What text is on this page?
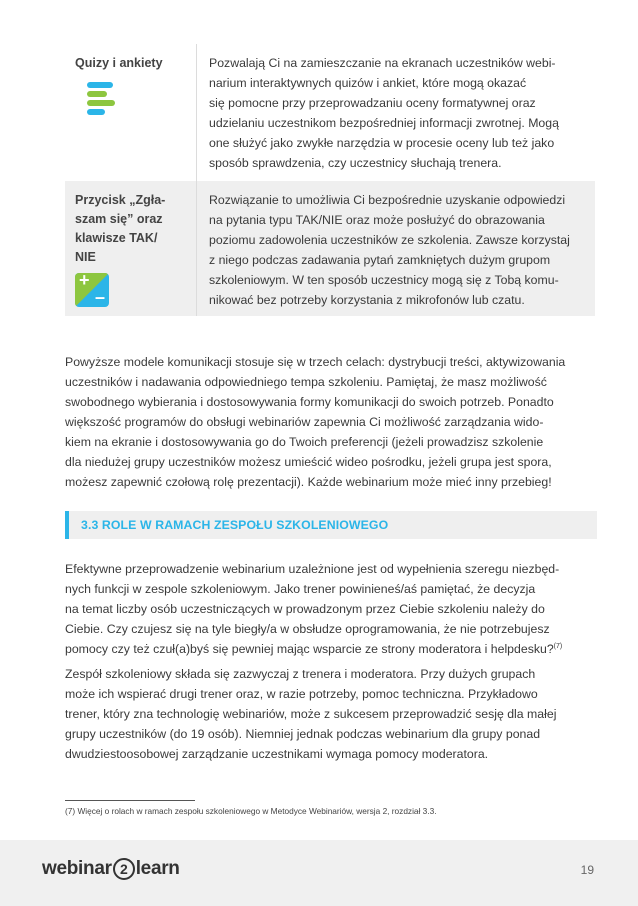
Quizy i ankiety	Pozwalają Ci na zamieszczanie na ekranach uczestników webi-
narium interaktywnych quizów i ankiet, które mogą okazać
się pomocne przy przeprowadzaniu oceny formatywnej oraz
udzielaniu uczestnikom bezpośredniej informacji zwrotnej. Mogą
one służyć jako zwykłe narzędzia w procesie oceny lub też jako
sposób sprawdzenia, czy uczestnicy słuchają trenera.
Przycisk „Zgła-
szam się” oraz
klawisze TAK/
NIE
+
–
Rozwiązanie to umożliwia Ci bezpośrednie uzyskanie odpowiedzi
na pytania typu TAK/NIE oraz może posłużyć do obrazowania
poziomu zadowolenia uczestników ze szkolenia. Zawsze korzystaj
z niego podczas zadawania pytań zamkniętych dużym grupom
szkoleniowym. W ten sposób uczestnicy mogą się z Tobą komu-
nikować bez potrzeby korzystania z mikrofonów lub czatu.
Powyższe modele komunikacji stosuje się w trzech celach: dystrybucji treści, aktywizowania
uczestników i nadawania odpowiedniego tempa szkoleniu. Pamiętaj, że masz możliwość
swobodnego wybierania i dostosowywania formy komunikacji do swoich potrzeb. Ponadto
większość programów do obsługi webinariów zapewnia Ci możliwość zarządzania wido-
kiem na ekranie i dostosowywania go do Twoich preferencji (jeżeli prowadzisz szkolenie
dla niedużej grupy uczestników możesz umieścić wideo pośrodku, jeżeli grupa jest spora,
możesz zapewnić czołową rolę prezentacji). Każde webinarium może mieć inny przebieg!
3.3 ROLE W RAMACH ZESPOŁU SZKOLENIOWEGO
Efektywne przeprowadzenie webinarium uzależnione jest od wypełnienia szeregu niezbęd-
nych funkcji w zespole szkoleniowym. Jako trener powinieneś/aś pamiętać, że decyzja
na temat liczby osób uczestniczących w prowadzonym przez Ciebie szkoleniu należy do
Ciebie. Czy czujesz się na tyle biegły/a w obsłudze oprogramowania, że nie potrzebujesz
pomocy czy też czuł(a)byś się pewniej mając wsparcie ze strony moderatora i helpdesku?$^{(7)}$
Zespół szkoleniowy składa się zazwyczaj z trenera i moderatora. Przy dużych grupach
może ich wspierać drugi trener oraz, w razie potrzeby, pomoc techniczna. Przykładowo
trener, który zna technologię webinariów, może z sukcesem przeprowadzić sesję dla małej
grupy uczestników (do 19 osób). Niemniej jednak podczas webinarium dla grupy ponad
dwudziestoosobowej zarządzanie uczestnikami wymaga pomocy moderatora.
(7) Więcej o rolach w ramach zespołu szkoleniowego w Metodyce Webinariów, wersja 2, rozdział 3.3.
webinar 2 learn	19
